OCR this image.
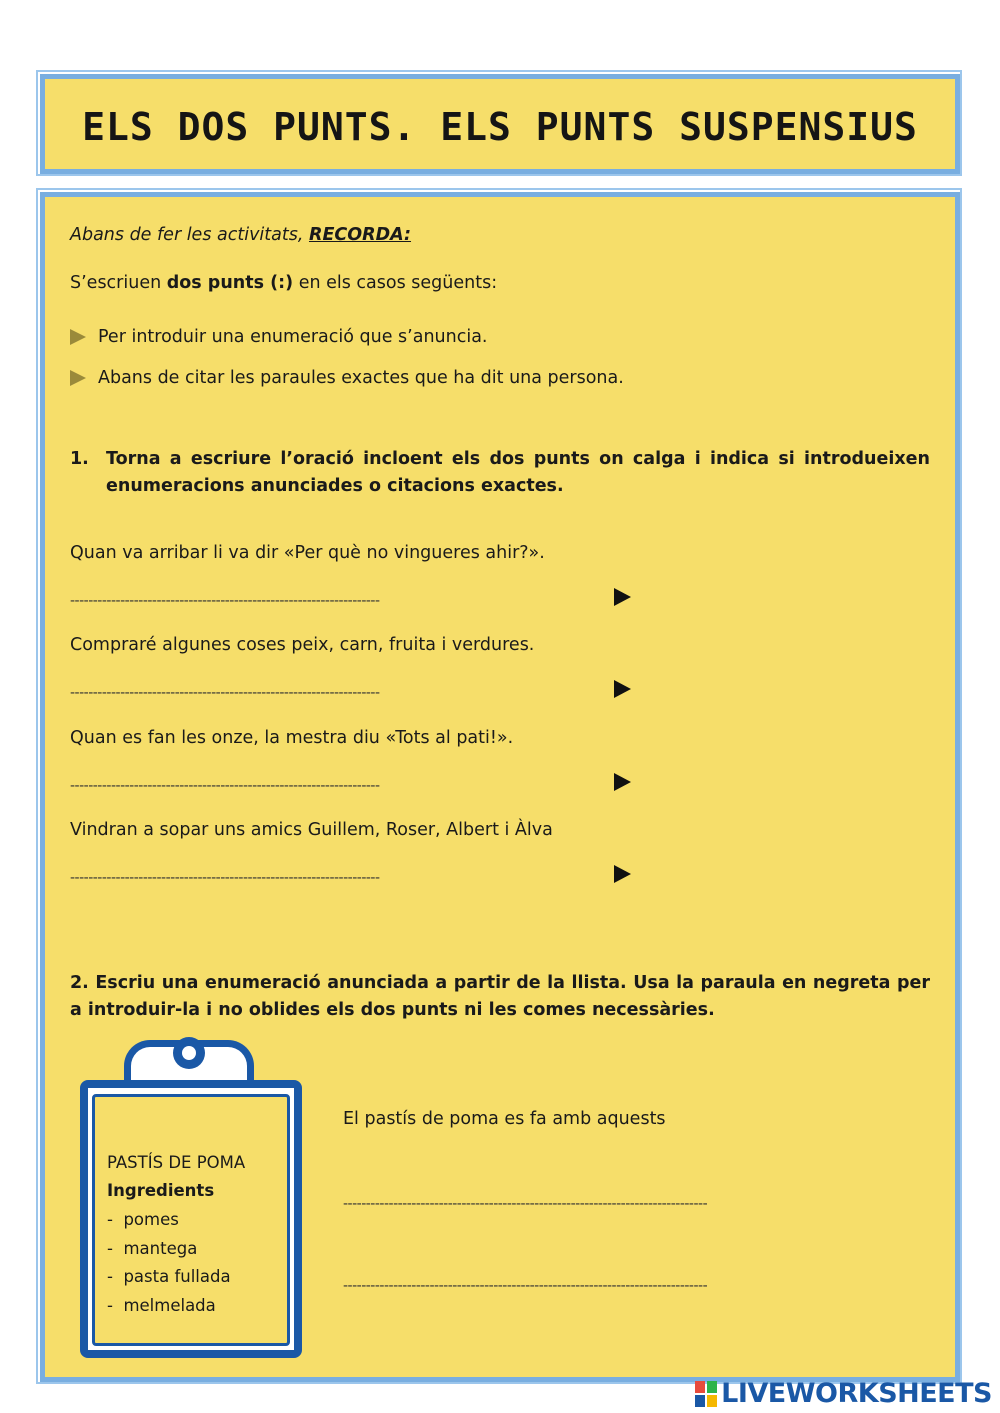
ELS DOS PUNTS. ELS PUNTS SUSPENSIUS
Abans de fer les activitats, RECORDA:
S’escriuen dos punts (:) en els casos següents:
Per introduir una enumeració que s’anuncia.
Abans de citar les paraules exactes que ha dit una persona.
1. Torna a escriure l’oració incloent els dos punts on calga i indica si introdueixen enumeracions anunciades o citacions exactes.
Quan va arribar li va dir «Per què no vingueres ahir?».
--------------------------------------------------------------------
Compraré algunes coses peix, carn, fruita i verdures.
--------------------------------------------------------------------
Quan es fan les onze, la mestra diu «Tots al pati!».
--------------------------------------------------------------------
Vindran a sopar uns amics Guillem, Roser, Albert i Àlva
--------------------------------------------------------------------
2. Escriu una enumeració anunciada a partir de la llista. Usa la paraula en negreta per a introduir-la i no oblides els dos punts ni les comes necessàries.
PASTÍS DE POMA
Ingredients
- pomes
- mantega
- pasta fullada
- melmelada
El pastís de poma es fa amb aquests
--------------------------------------------------------------------------------
--------------------------------------------------------------------------------
LIVEWORKSHEETS
